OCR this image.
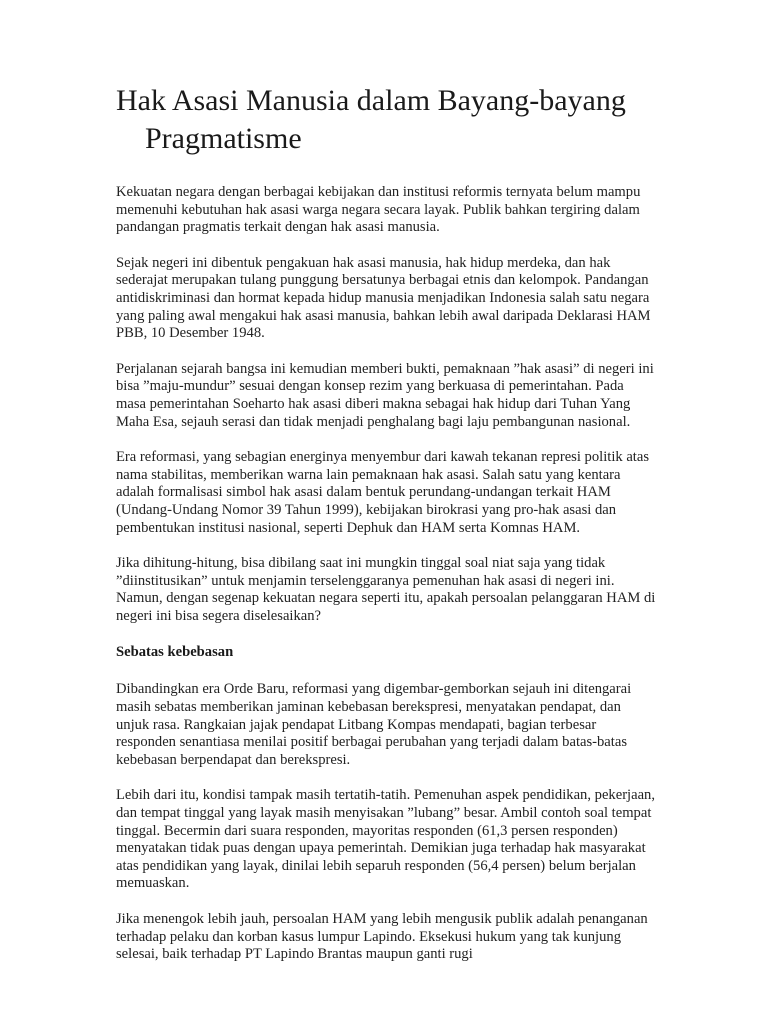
Hak Asasi Manusia dalam Bayang-bayang Pragmatisme

Kekuatan negara dengan berbagai kebijakan dan institusi reformis ternyata belum mampu memenuhi kebutuhan hak asasi warga negara secara layak. Publik bahkan tergiring dalam pandangan pragmatis terkait dengan hak asasi manusia.

Sejak negeri ini dibentuk pengakuan hak asasi manusia, hak hidup merdeka, dan hak sederajat merupakan tulang punggung bersatunya berbagai etnis dan kelompok. Pandangan antidiskriminasi dan hormat kepada hidup manusia menjadikan Indonesia salah satu negara yang paling awal mengakui hak asasi manusia, bahkan lebih awal daripada Deklarasi HAM PBB, 10 Desember 1948.

Perjalanan sejarah bangsa ini kemudian memberi bukti, pemaknaan ”hak asasi” di negeri ini bisa ”maju-mundur” sesuai dengan konsep rezim yang berkuasa di pemerintahan. Pada masa pemerintahan Soeharto hak asasi diberi makna sebagai hak hidup dari Tuhan Yang Maha Esa, sejauh serasi dan tidak menjadi penghalang bagi laju pembangunan nasional.

Era reformasi, yang sebagian energinya menyembur dari kawah tekanan represi politik atas nama stabilitas, memberikan warna lain pemaknaan hak asasi. Salah satu yang kentara adalah formalisasi simbol hak asasi dalam bentuk perundang-undangan terkait HAM (Undang-Undang Nomor 39 Tahun 1999), kebijakan birokrasi yang pro-hak asasi dan pembentukan institusi nasional, seperti Dephuk dan HAM serta Komnas HAM.

Jika dihitung-hitung, bisa dibilang saat ini mungkin tinggal soal niat saja yang tidak ”diinstitusikan” untuk menjamin terselenggaranya pemenuhan hak asasi di negeri ini. Namun, dengan segenap kekuatan negara seperti itu, apakah persoalan pelanggaran HAM di negeri ini bisa segera diselesaikan?

Sebatas kebebasan

Dibandingkan era Orde Baru, reformasi yang digembar-gemborkan sejauh ini ditengarai masih sebatas memberikan jaminan kebebasan berekspresi, menyatakan pendapat, dan unjuk rasa. Rangkaian jajak pendapat Litbang Kompas mendapati, bagian terbesar responden senantiasa menilai positif berbagai perubahan yang terjadi dalam batas-batas kebebasan berpendapat dan berekspresi.

Lebih dari itu, kondisi tampak masih tertatih-tatih. Pemenuhan aspek pendidikan, pekerjaan, dan tempat tinggal yang layak masih menyisakan ”lubang” besar. Ambil contoh soal tempat tinggal. Becermin dari suara responden, mayoritas responden (61,3 persen responden) menyatakan tidak puas dengan upaya pemerintah. Demikian juga terhadap hak masyarakat atas pendidikan yang layak, dinilai lebih separuh responden (56,4 persen) belum berjalan memuaskan.

Jika menengok lebih jauh, persoalan HAM yang lebih mengusik publik adalah penanganan terhadap pelaku dan korban kasus lumpur Lapindo. Eksekusi hukum yang tak kunjung selesai, baik terhadap PT Lapindo Brantas maupun ganti rugi
